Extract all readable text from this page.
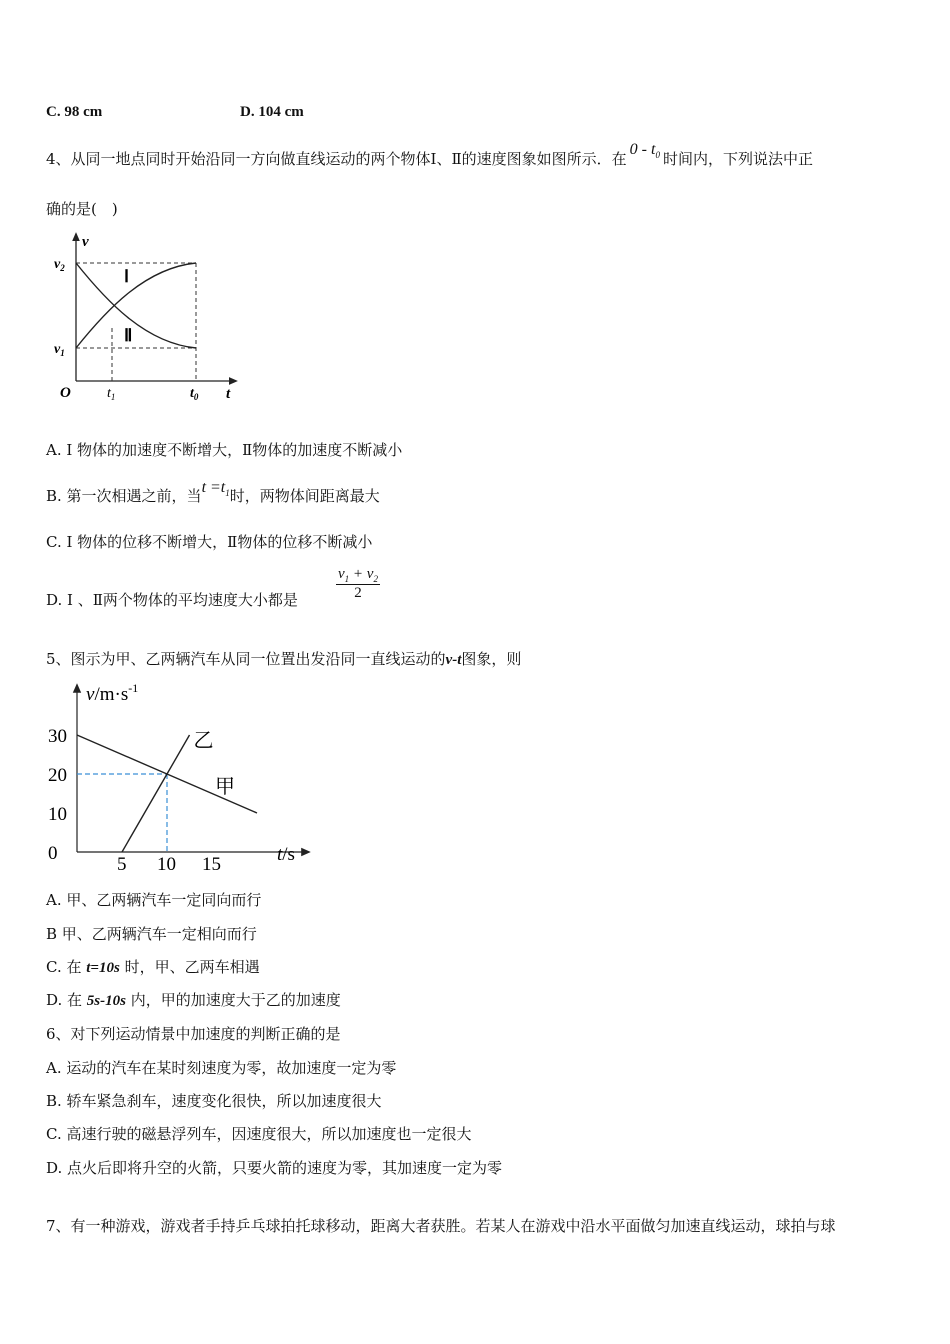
C. 98 cm	D. 104 cm
4、从同一地点同时开始沿同一方向做直线运动的两个物体Ⅰ、Ⅱ的速度图象如图所示．在$0 - t_0$ 时间内，下列说法中正
确的是(　)
v
t
O
$v_2$
$v_1$
$t_1$	$t_0$
Ⅰ
Ⅱ
A. Ⅰ 物体的加速度不断增大，Ⅱ物体的加速度不断减小
B. 第一次相遇之前，当$t =t_1$时，两物体间距离最大
C. Ⅰ 物体的位移不断增大，Ⅱ物体的位移不断减小
D. Ⅰ 、Ⅱ两个物体的平均速度大小都是	$\frac{v_1 + v_2}{2}$
5、图示为甲、乙两辆汽车从同一位置出发沿同一直线运动的v-t图象，则
$v/m\cdot s^{-1}$
t/s
30
20
10
0
5 10 15
甲
乙
A. 甲、乙两辆汽车一定同向而行
B 甲、乙两辆汽车一定相向而行
C. 在 t=10s 时，甲、乙两车相遇
D. 在 5s-10s 内，甲的加速度大于乙的加速度
6、对下列运动情景中加速度的判断正确的是
A. 运动的汽车在某时刻速度为零，故加速度一定为零
B. 轿车紧急刹车，速度变化很快，所以加速度很大
C. 高速行驶的磁悬浮列车，因速度很大，所以加速度也一定很大
D. 点火后即将升空的火箭，只要火箭的速度为零，其加速度一定为零
7、有一种游戏，游戏者手持乒乓球拍托球移动，距离大者获胜。若某人在游戏中沿水平面做匀加速直线运动，球拍与球
